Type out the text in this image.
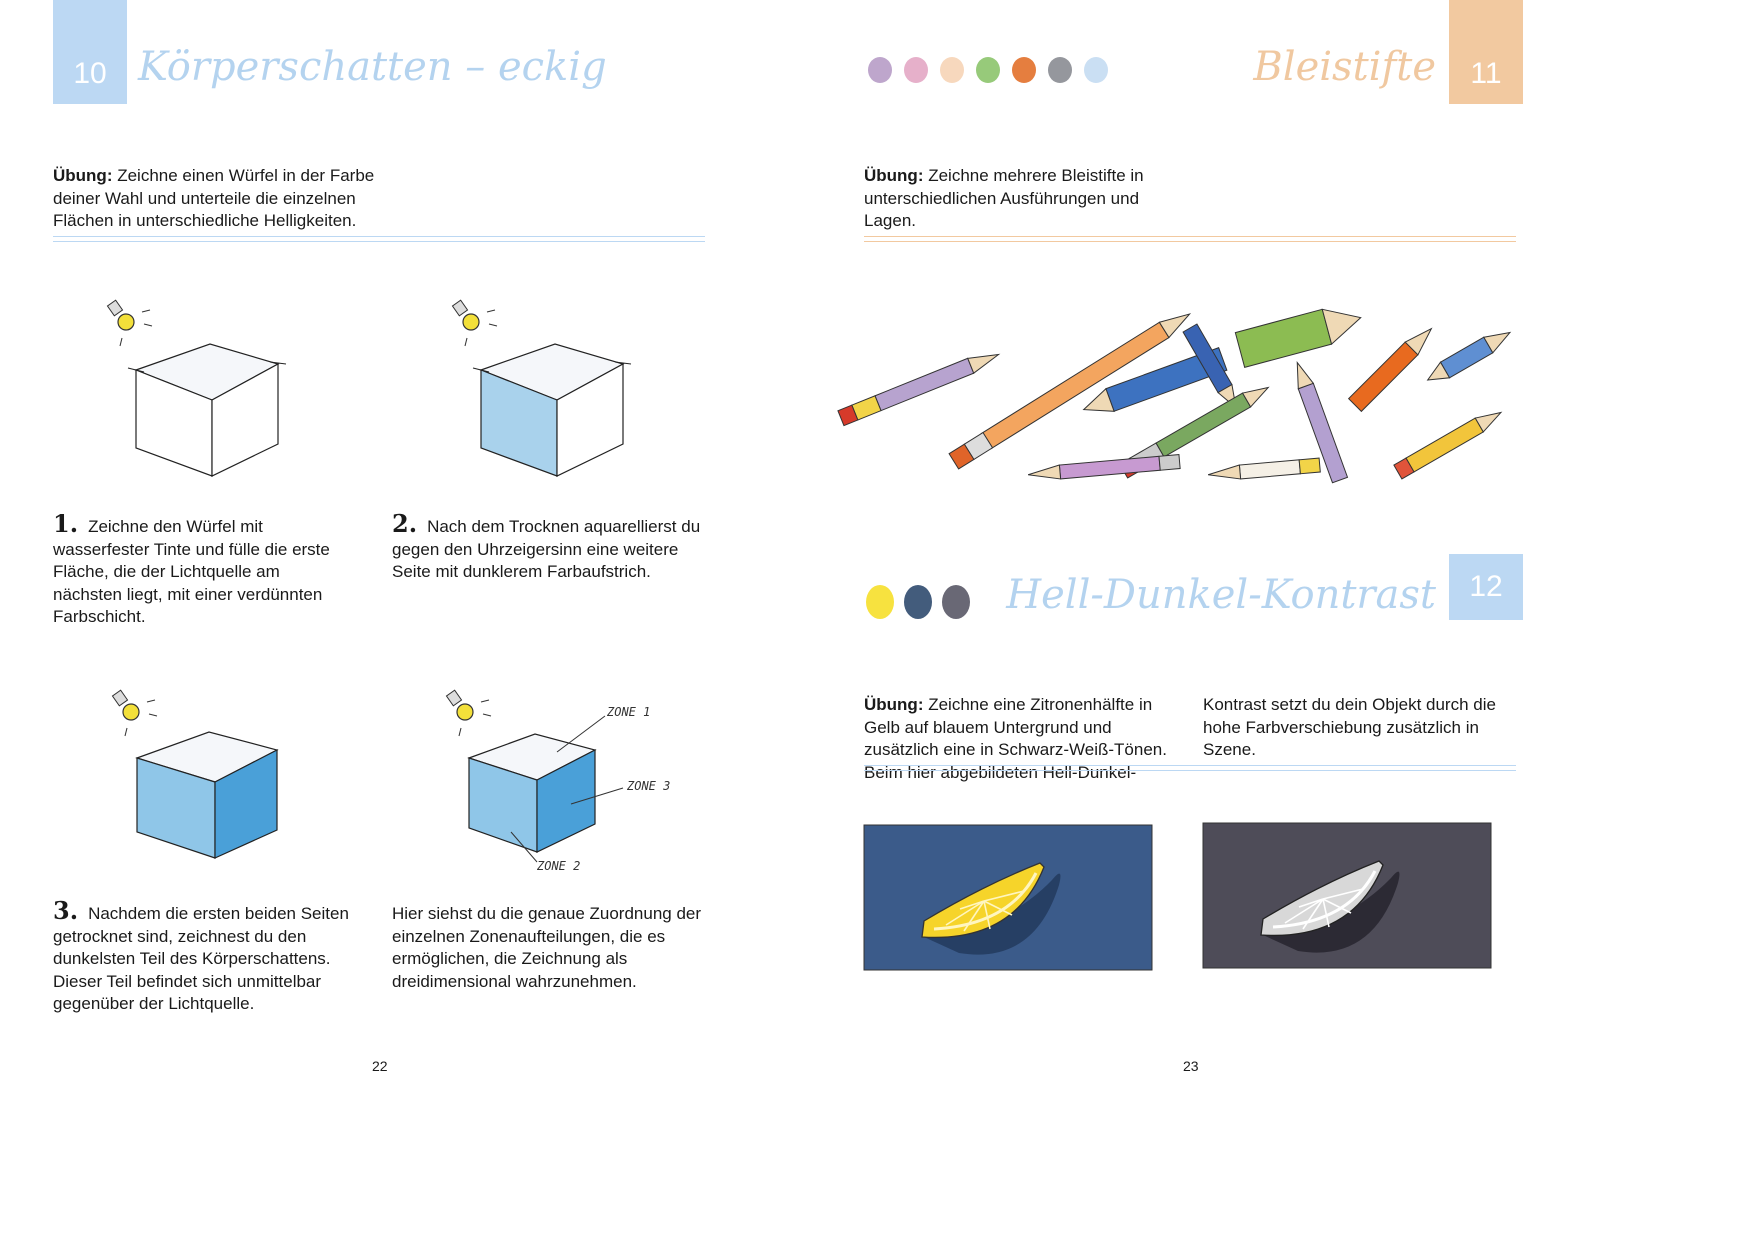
10 Körperschatten – eckig
Übung: Zeichne einen Würfel in der Farbe deiner Wahl und unterteile die einzelnen Flächen in unterschiedliche Helligkeiten.
1. Zeichne den Würfel mit wasserfester Tinte und fülle die erste Fläche, die der Lichtquelle am nächsten liegt, mit einer verdünnten Farbschicht.
2. Nach dem Trocknen aquarellierst du gegen den Uhrzeigersinn eine weitere Seite mit dunklerem Farbaufstrich.
ZONE 1
ZONE 3
ZONE 2
3. Nachdem die ersten beiden Seiten getrocknet sind, zeichnest du den dunkelsten Teil des Körperschattens. Dieser Teil befindet sich unmittelbar gegenüber der Lichtquelle.
Hier siehst du die genaue Zuordnung der einzelnen Zonenaufteilungen, die es ermöglichen, die Zeichnung als dreidimensional wahrzunehmen.
22
Bleistifte 11
Übung: Zeichne mehrere Bleistifte in unterschiedlichen Ausführungen und Lagen.
Hell-Dunkel-Kontrast 12
Übung: Zeichne eine Zitronenhälfte in Gelb auf blauem Untergrund und zusätzlich eine in Schwarz-Weiß-Tönen. Beim hier abgebildeten Hell-Dunkel-Kontrast setzt du dein Objekt durch die hohe Farbverschiebung zusätzlich in Szene.
23
